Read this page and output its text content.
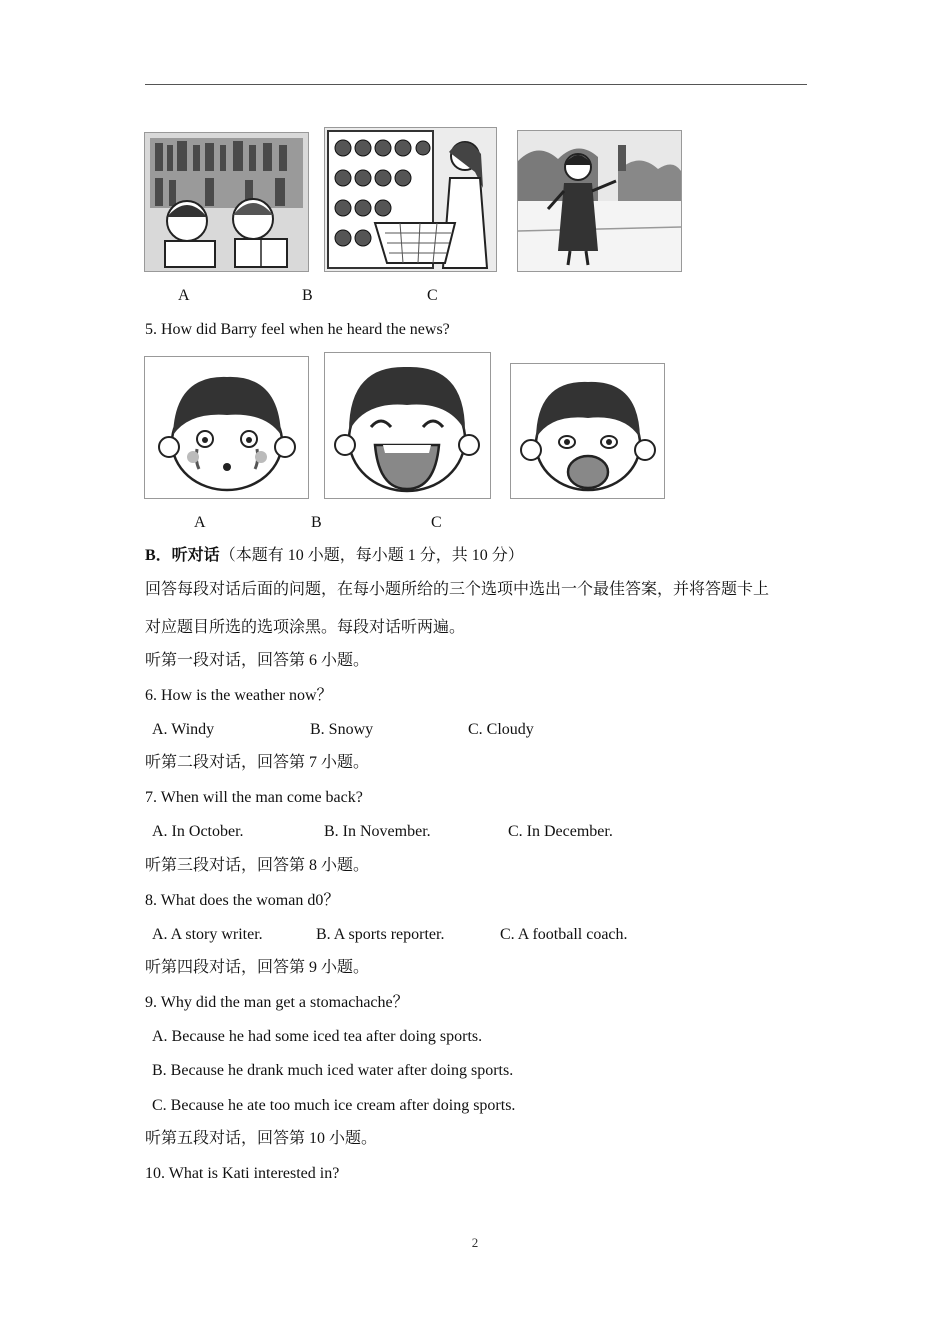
A	B	C
5. How did Barry feel when he heard the news?
A	B	C
B．听对话（本题有 10 小题，每小题 1 分，共 10 分）
回答每段对话后面的问题，在每小题所给的三个选项中选出一个最佳答案，并将答题卡上
对应题目所选的选项涂黑。每段对话听两遍。
听第一段对话，回答第 6 小题。
6. How is the weather now？
A. Windy	B. Snowy	C. Cloudy
听第二段对话，回答第 7 小题。
7. When will the man come back?
A. In October.	B. In November.	C. In December.
听第三段对话，回答第 8 小题。
8. What does the woman d0？
A. A story writer.	B. A sports reporter.	C. A football coach.
听第四段对话，回答第 9 小题。
9. Why did the man get a stomachache？
A. Because he had some iced tea after doing sports.
B. Because he drank much iced water after doing sports.
C. Because he ate too much ice cream after doing sports.
听第五段对话，回答第 10 小题。
10. What is Kati interested in?
2
